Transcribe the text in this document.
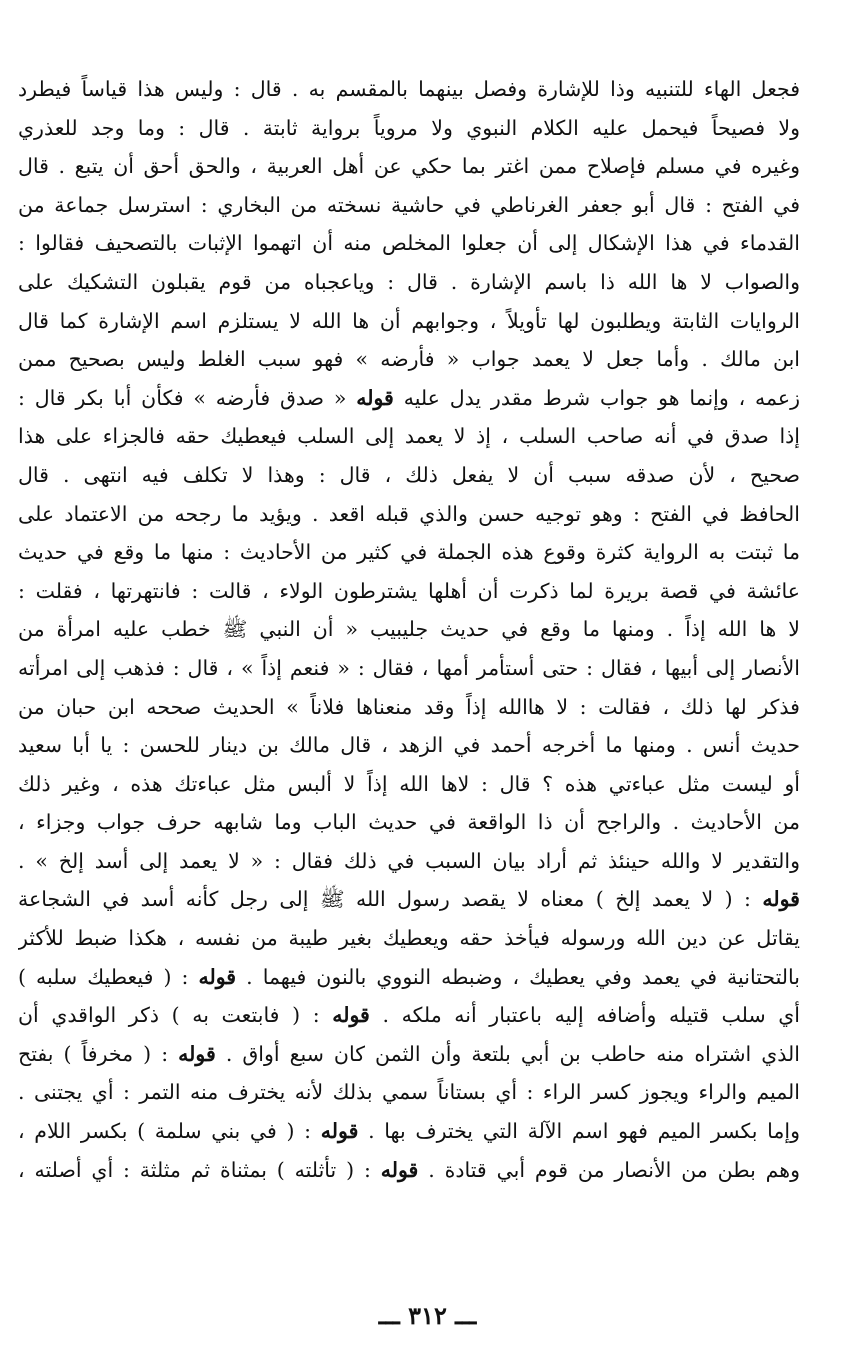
فجعل الهاء للتنبيه وذا للإشارة وفصل بينهما بالمقسم به . قال : وليس هذا قياساً فيطرد
ولا فصيحاً فيحمل عليه الكلام النبوي ولا مروياً برواية ثابتة . قال : وما وجد للعذري
وغيره في مسلم فإصلاح ممن اغتر بما حكي عن أهل العربية ، والحق أحق أن يتبع . قال
في الفتح : قال أبو جعفر الغرناطي في حاشية نسخته من البخاري : استرسل جماعة من
القدماء في هذا الإشكال إلى أن جعلوا المخلص منه أن اتهموا الإثبات بالتصحيف فقالوا :
والصواب لا ها الله ذا باسم الإشارة . قال : وياعجباه من قوم يقبلون التشكيك على
الروايات الثابتة ويطلبون لها تأويلاً ، وجوابهم أن ها الله لا يستلزم اسم الإشارة كما قال
ابن مالك . وأما جعل لا يعمد جواب « فأرضه » فهو سبب الغلط وليس بصحيح ممن
زعمه ، وإنما هو جواب شرط مقدر يدل عليه قوله « صدق فأرضه » فكأن أبا بكر قال :
إذا صدق في أنه صاحب السلب ، إذ لا يعمد إلى السلب فيعطيك حقه فالجزاء على هذا
صحيح ، لأن صدقه سبب أن لا يفعل ذلك ، قال : وهذا لا تكلف فيه انتهى . قال
الحافظ في الفتح : وهو توجيه حسن والذي قبله اقعد . ويؤيد ما رجحه من الاعتماد على
ما ثبتت به الرواية كثرة وقوع هذه الجملة في كثير من الأحاديث : منها ما وقع في حديث
عائشة في قصة بريرة لما ذكرت أن أهلها يشترطون الولاء ، قالت : فانتهرتها ، فقلت :
لا ها الله إذاً . ومنها ما وقع في حديث جليبيب « أن النبي ﷺ خطب عليه امرأة من
الأنصار إلى أبيها ، فقال : حتى أستأمر أمها ، فقال : « فنعم إذاً » ، قال : فذهب إلى امرأته
فذكر لها ذلك ، فقالت : لا هاالله إذاً وقد منعناها فلاناً » الحديث صححه ابن حبان من
حديث أنس . ومنها ما أخرجه أحمد في الزهد ، قال مالك بن دينار للحسن : يا أبا سعيد
أو ليست مثل عباءتي هذه ؟ قال : لاها الله إذاً لا ألبس مثل عباءتك هذه ، وغير ذلك
من الأحاديث . والراجح أن ذا الواقعة في حديث الباب وما شابهه حرف جواب وجزاء ،
والتقدير لا والله حينئذ ثم أراد بيان السبب في ذلك فقال : « لا يعمد إلى أسد إلخ » .
قوله : ( لا يعمد إلخ ) معناه لا يقصد رسول الله ﷺ إلى رجل كأنه أسد في الشجاعة
يقاتل عن دين الله ورسوله فيأخذ حقه ويعطيك بغير طيبة من نفسه ، هكذا ضبط للأكثر
بالتحتانية في يعمد وفي يعطيك ، وضبطه النووي بالنون فيهما . قوله : ( فيعطيك سلبه )
أي سلب قتيله وأضافه إليه باعتبار أنه ملكه . قوله : ( فابتعت به ) ذكر الواقدي أن
الذي اشتراه منه حاطب بن أبي بلتعة وأن الثمن كان سبع أواق . قوله : ( مخرفاً ) بفتح
الميم والراء ويجوز كسر الراء : أي بستاناً سمي بذلك لأنه يخترف منه التمر : أي يجتنى .
وإما بكسر الميم فهو اسم الآلة التي يخترف بها . قوله : ( في بني سلمة ) بكسر اللام ،
وهم بطن من الأنصار من قوم أبي قتادة . قوله : ( تأثلته ) بمثناة ثم مثلثة : أي أصلته ،
ـــ ٣١٢ ـــ
